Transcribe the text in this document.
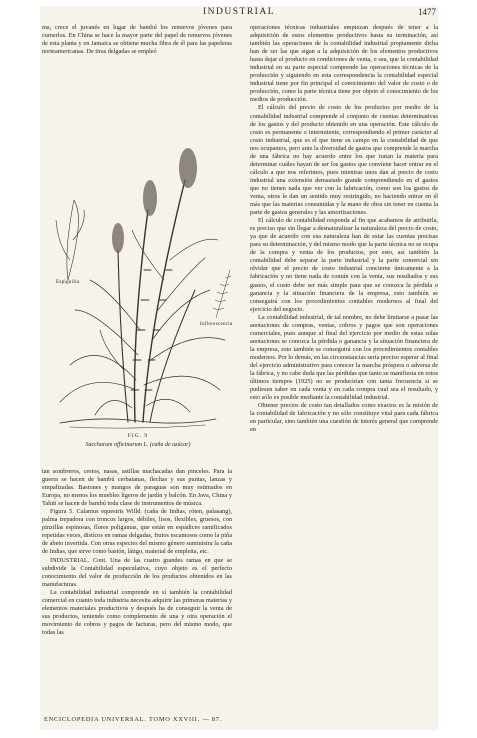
INDUSTRIAL	1477

ma, crece el juvanés en lugar de bambú los renuevos jóvenes para cumerlos. En China se hace la mayor parte del papel de renuevos jóvenes de esta planta y en Jamaica se obtiene mucha fibra de él para las papeleras norteamericanas. De tiras delgadas se empleó

Espiguilla
Inflorescencia
FIG. 9
Saccharum officinarum L. (caña de azúcar)

tan sombreros, cestos, nasas, astillas machacadas dan pinceles. Para la guerra se hacen de bambú cerbatanas, flechas y sus puntas, lanzas y empalizadas. Bastones y mangos de paraguas son muy estimados en Europa, no menos los muebles ligeros de jardín y balcón. En Java, China y Tahití se hacen de bambú toda clase de instrumentos de música.

Figura 5. Calamus equestris Willd. (caña de Indias, róten, palasang), palma trepadora con troncos largos, débiles, lisos, flexibles, gruesos, con pinzillas espinosas, flores poligamas, que están en espádices ramificados repetidas veces, distícos en ramas delgadas, frutos escamosos como la piña de abeto invertida. Con otras especies del mismo género suministra la caña de Indias, que sirve como bastón, látigo, material de empleita, etc.

INDUSTRIAL. Cont. Una de las cuatro grandes ramas en que se subdivide la Contabilidad especulativa, cuyo objeto es el perfecto conocimiento del valor de producción de los productos obtenidos en las manufacturas.

La contabilidad industrial comprende en sí también la contabilidad comercial en cuanto toda industria necesita adquirir las primeras materias y elementos materiales productivos y después ha de conseguir la venta de sus productos, teniendo como complemento de una y otra operación el movimiento de cobros y pagos de facturas, pero del mismo modo, que todas las

operaciones técnicas industriales empiezan después de tener a la adquisición de estos elementos productivos hasta su terminación, así también las operaciones de la contabilidad industrial propiamente dicha han de ser las que sigan a la adquisición de los elementos productivos hasta dejar el producto en condiciones de venta, o sea, que la contabilidad industrial en su parte especial comprende las operaciones técnicas de la producción y siguiendo en esta correspondencia la contabilidad especial industrial tiene por fin principal el conocimiento del valor de costo o de producción, como la parte técnica tiene por objeto el conocimiento de los medios de producción.

El cálculo del precio de costo de los productos por medio de la contabilidad industrial comprende el conjunto de cuentas determinativas de los gastos y del producto obtenido en una operación. Este cálculo de costo es permanente o intermitente, correspondiendo el primer carácter al costo industrial, que es el que tiene su campo en la contabilidad de que nos ocupamos, pero ante la diversidad de gastos que comprende la marcha de una fábrica no hay acuerdo entre los que tratan la materia para determinar cuáles hayan de ser los gastos que conviene hacer entrar en el cálculo a que nos referimos, pues mientras unos dan al precio de costo industrial una extensión demasiado grande comprendiendo en el gastos que no tienen nada que ver con la fabricación, como son los gastos de venta, otros le dan un sentido muy restringido, no haciendo entrar en él más que las materias consumidas y la mano de obra sin tener en cuenta la parte de gastos generales y las amortizaciones.

El cálculo de contabilidad responda al fin que acabamos de atribuirla, es preciso que sin llegar a desnaturalizar la naturaleza del precio de costo, ya que de acuerdo con esa naturaleza han de estar las cuentas precisas para su determinación, y del mismo modo que la parte técnica no se ocupa de la compra y venta de los productos, por esto, así también la contabilidad debe separar la parte industrial y la parte comercial sin olvidar que el precio de costo industrial concierne únicamente a la fabricación y no tiene nada de común con la venta, sus resultados y sus gastos, el costo debe ser más simple para que se conozca la pérdida o ganancia y la situación financiera de la empresa, esto también se conseguirá con los procedimientos contables modernos al final del ejercicio del negocio.

La contabilidad industrial, de tal nombre, no debe limitarse a pasar las anotaciones de compras, ventas, cobros y pagos que son operaciones comerciales, pues aunque al final del ejercicio por medio de estas solas anotaciones se conozca la pérdida o ganancia y la situación financiera de la empresa, esto también se conseguirá con los procedimientos contables modernos. Por lo demás, en las circunstancias sería preciso esperar al final del ejercicio administrativo para conocer la marcha próspera o adversa de la fábrica, y no cabe duda que las pérdidas que tanto se manifiesta en estos últimos tiempos (1925) no se producirían con tanta frecuencia si se pudiesen saber en cada venta y en cada compra cual sea el resultado, y esto sólo es posible mediante la contabilidad industrial.

Obtener precios de costo tan detallados como exactos es la misión de la contabilidad de fabricación y no sólo constituye vital para cada fábrica en particular, sino también una cuestión de interés general que comprende en

ENCICLOPEDIA UNIVERSAL. TOMO XXVIII. — 87.
